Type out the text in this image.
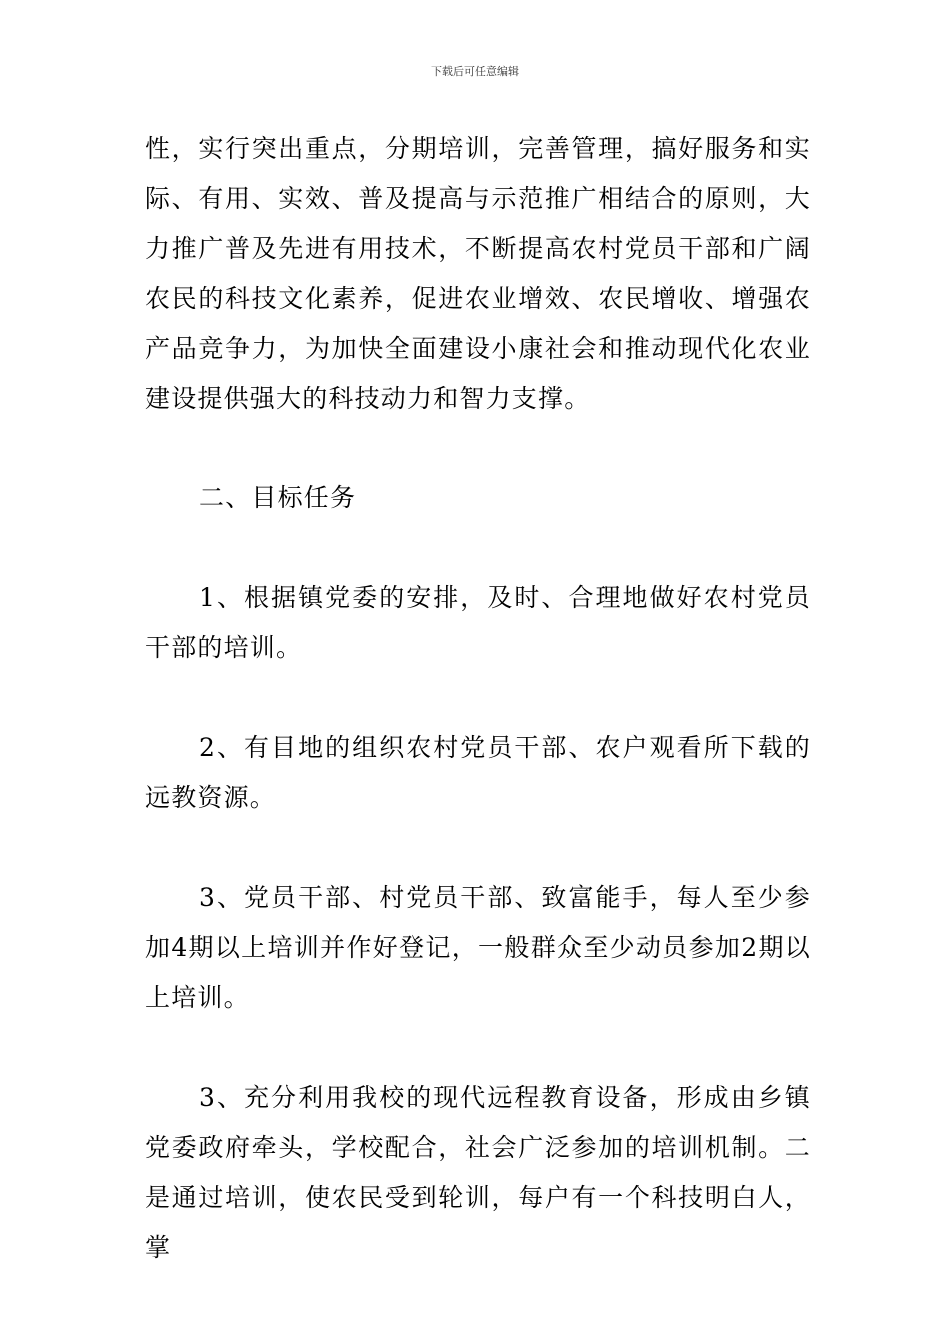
下载后可任意编辑
性，实行突出重点，分期培训，完善管理，搞好服务和实际、有用、实效、普及提高与示范推广相结合的原则，大力推广普及先进有用技术，不断提高农村党员干部和广阔农民的科技文化素养，促进农业增效、农民增收、增强农产品竞争力，为加快全面建设小康社会和推动现代化农业建设提供强大的科技动力和智力支撑。
二、目标任务
1、根据镇党委的安排，及时、合理地做好农村党员干部的培训。
2、有目地的组织农村党员干部、农户观看所下载的远教资源。
3、党员干部、村党员干部、致富能手，每人至少参加4期以上培训并作好登记，一般群众至少动员参加2期以上培训。
3、充分利用我校的现代远程教育设备，形成由乡镇党委政府牵头，学校配合，社会广泛参加的培训机制。二是通过培训，使农民受到轮训，每户有一个科技明白人，掌
